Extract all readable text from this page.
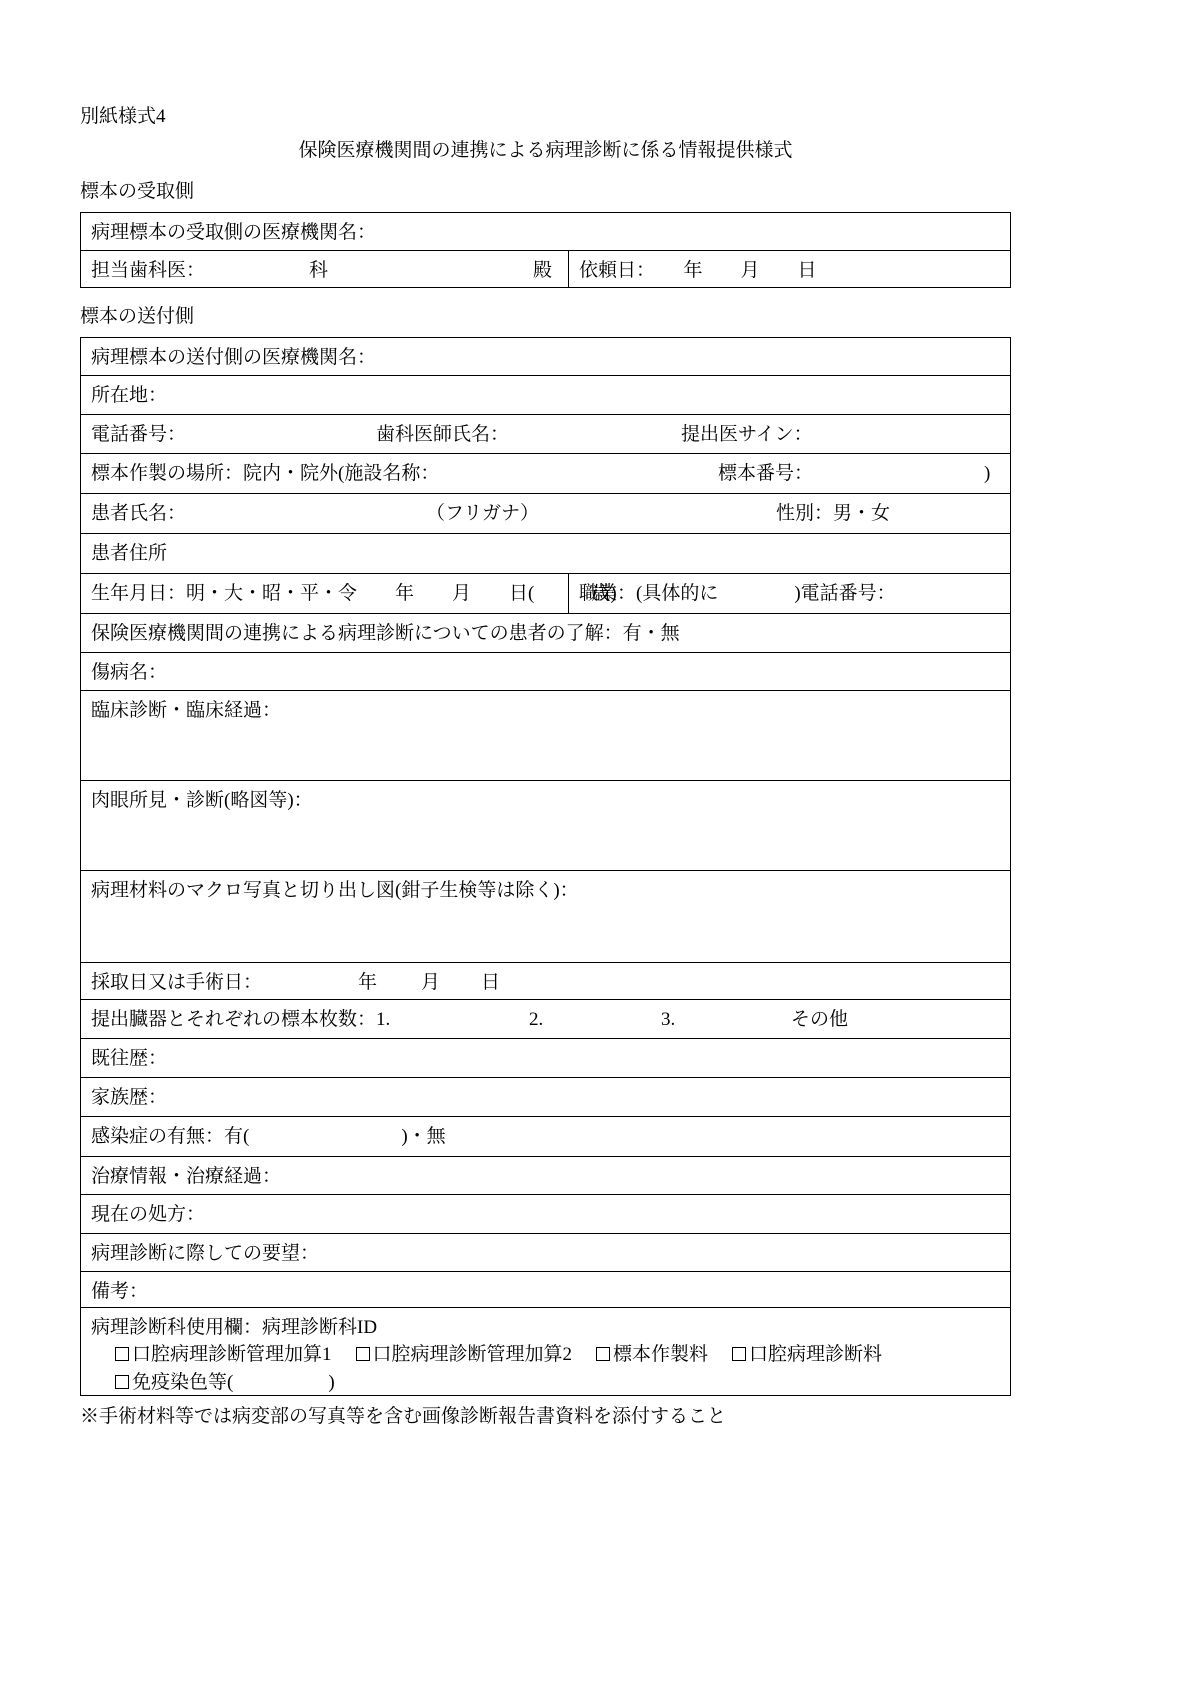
別紙様式4
保険医療機関間の連携による病理診断に係る情報提供様式
標本の受取側
病理標本の受取側の医療機関名：
担当歯科医：	科	殿	依頼日：　　年　　月　　日
標本の送付側
病理標本の送付側の医療機関名：
所在地：
電話番号：	歯科医師氏名：	提出医サイン：
標本作製の場所：院内・院外(施設名称：	標本番号：	)
患者氏名：	（フリガナ）	性別：男・女
患者住所
生年月日：明・大・昭・平・令　　年　　月　　日(　　　歳)
職業：(具体的に　　　　)電話番号：
保険医療機関間の連携による病理診断についての患者の了解：有・無
傷病名：
臨床診断・臨床経過：
肉眼所見・診断(略図等)：
病理材料のマクロ写真と切り出し図(鉗子生検等は除く)：
採取日又は手術日：	年 月 日
提出臓器とそれぞれの標本枚数：1.	2.	3.	その他
既往歴：
家族歴：
感染症の有無：有(　　　　　　　　)・無
治療情報・治療経過：
現在の処方：
病理診断に際しての要望：
備考：
病理診断科使用欄：病理診断科ID
口腔病理診断管理加算1	口腔病理診断管理加算2	標本作製料	口腔病理診断料
免疫染色等(　　　　　)
※手術材料等では病変部の写真等を含む画像診断報告書資料を添付すること
